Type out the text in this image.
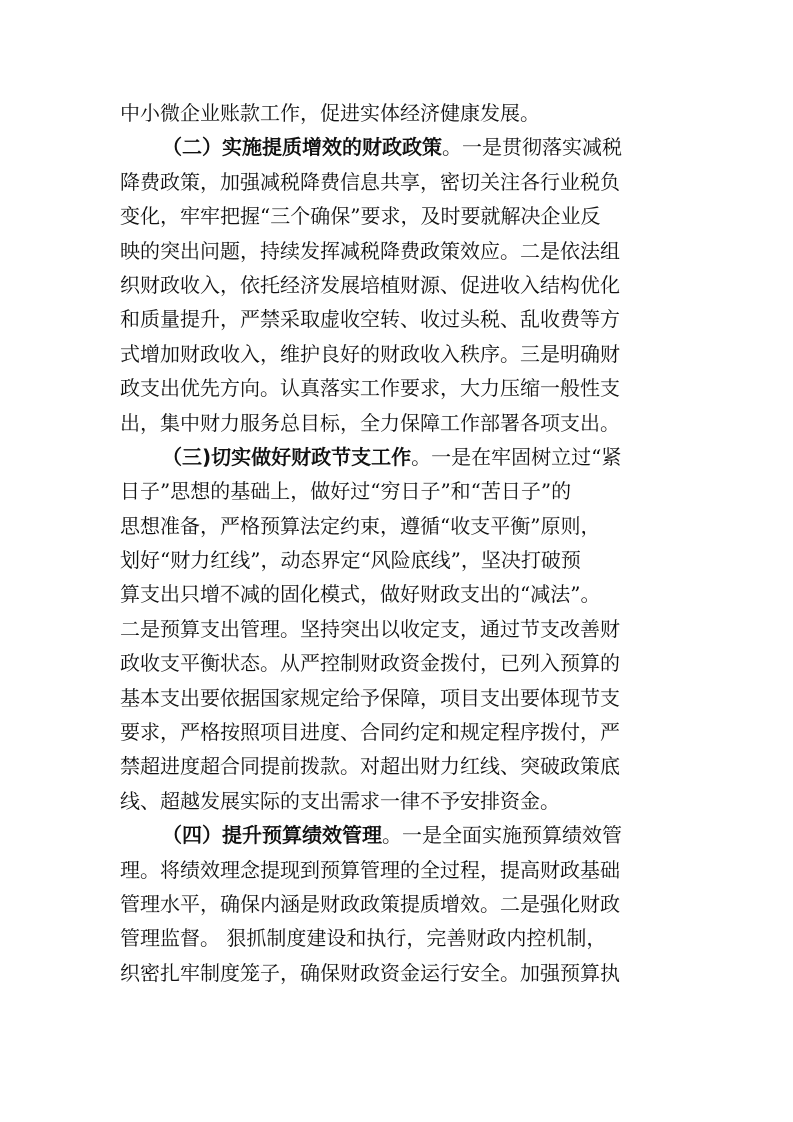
中小微企业账款工作，促进实体经济健康发展。
（二）实施提质增效的财政政策。一是贯彻落实减税
降费政策，加强减税降费信息共享，密切关注各行业税负
变化，牢牢把握“三个确保”要求，及时要就解决企业反
映的突出问题，持续发挥减税降费政策效应。二是依法组
织财政收入，依托经济发展培植财源、促进收入结构优化
和质量提升，严禁采取虚收空转、收过头税、乱收费等方
式增加财政收入，维护良好的财政收入秩序。三是明确财
政支出优先方向。认真落实工作要求，大力压缩一般性支
出，集中财力服务总目标，全力保障工作部署各项支出。
（三)切实做好财政节支工作。一是在牢固树立过“紧
日子”思想的基础上，做好过“穷日子”和“苦日子”的
思想准备，严格预算法定约束，遵循“收支平衡”原则，
划好“财力红线”，动态界定“风险底线”，坚决打破预
算支出只增不减的固化模式，做好财政支出的“减法”。
二是预算支出管理。坚持突出以收定支，通过节支改善财
政收支平衡状态。从严控制财政资金拨付，已列入预算的
基本支出要依据国家规定给予保障，项目支出要体现节支
要求，严格按照项目进度、合同约定和规定程序拨付，严
禁超进度超合同提前拨款。对超出财力红线、突破政策底
线、超越发展实际的支出需求一律不予安排资金。
（四）提升预算绩效管理。一是全面实施预算绩效管
理。将绩效理念提现到预算管理的全过程，提高财政基础
管理水平，确保内涵是财政政策提质增效。二是强化财政
管理监督。 狠抓制度建设和执行，完善财政内控机制，
织密扎牢制度笼子，确保财政资金运行安全。加强预算执
